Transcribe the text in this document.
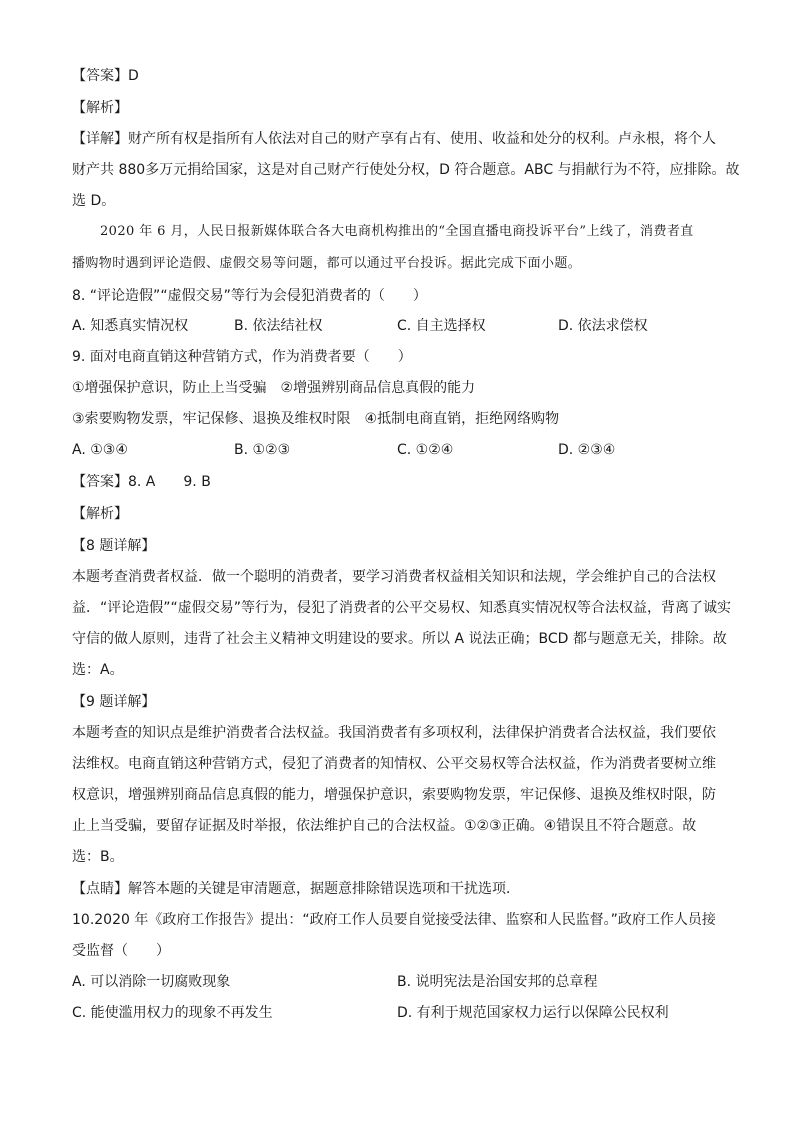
【答案】D
【解析】
【详解】财产所有权是指所有人依法对自己的财产享有占有、使用、收益和处分的权利。卢永根，将个人
财产共 880多万元捐给国家，这是对自己财产行使处分权，D 符合题意。ABC 与捐献行为不符，应排除。故
选 D。
2020 年 6 月，人民日报新媒体联合各大电商机构推出的“全国直播电商投诉平台”上线了，消费者直
播购物时遇到评论造假、虚假交易等问题，都可以通过平台投诉。据此完成下面小题。
8. “评论造假”“虚假交易”等行为会侵犯消费者的（　　）
A. 知悉真实情况权	B. 依法结社权	C. 自主选择权	D. 依法求偿权
9. 面对电商直销这种营销方式，作为消费者要（　　）
①增强保护意识，防止上当受骗　②增强辨别商品信息真假的能力
③索要购物发票，牢记保修、退换及维权时限　④抵制电商直销，拒绝网络购物
A. ①③④	B. ①②③	C. ①②④	D. ②③④
【答案】8. A　　9. B
【解析】
【8 题详解】
本题考查消费者权益．做一个聪明的消费者，要学习消费者权益相关知识和法规，学会维护自己的合法权
益．“评论造假”“虚假交易”等行为，侵犯了消费者的公平交易权、知悉真实情况权等合法权益，背离了诚实
守信的做人原则，违背了社会主义精神文明建设的要求。所以 A 说法正确；BCD 都与题意无关，排除。故
选：A。
【9 题详解】
本题考查的知识点是维护消费者合法权益。我国消费者有多项权利，法律保护消费者合法权益，我们要依
法维权。电商直销这种营销方式，侵犯了消费者的知情权、公平交易权等合法权益，作为消费者要树立维
权意识，增强辨别商品信息真假的能力，增强保护意识，索要购物发票，牢记保修、退换及维权时限，防
止上当受骗，要留存证据及时举报，依法维护自己的合法权益。①②③正确。④错误且不符合题意。故
选：B。
【点睛】解答本题的关键是审清题意，据题意排除错误选项和干扰选项．
10.2020 年《政府工作报告》提出：“政府工作人员要自觉接受法律、监察和人民监督。”政府工作人员接
受监督（　　）
A. 可以消除一切腐败现象	B. 说明宪法是治国安邦的总章程
C. 能使滥用权力的现象不再发生	D. 有利于规范国家权力运行以保障公民权利
